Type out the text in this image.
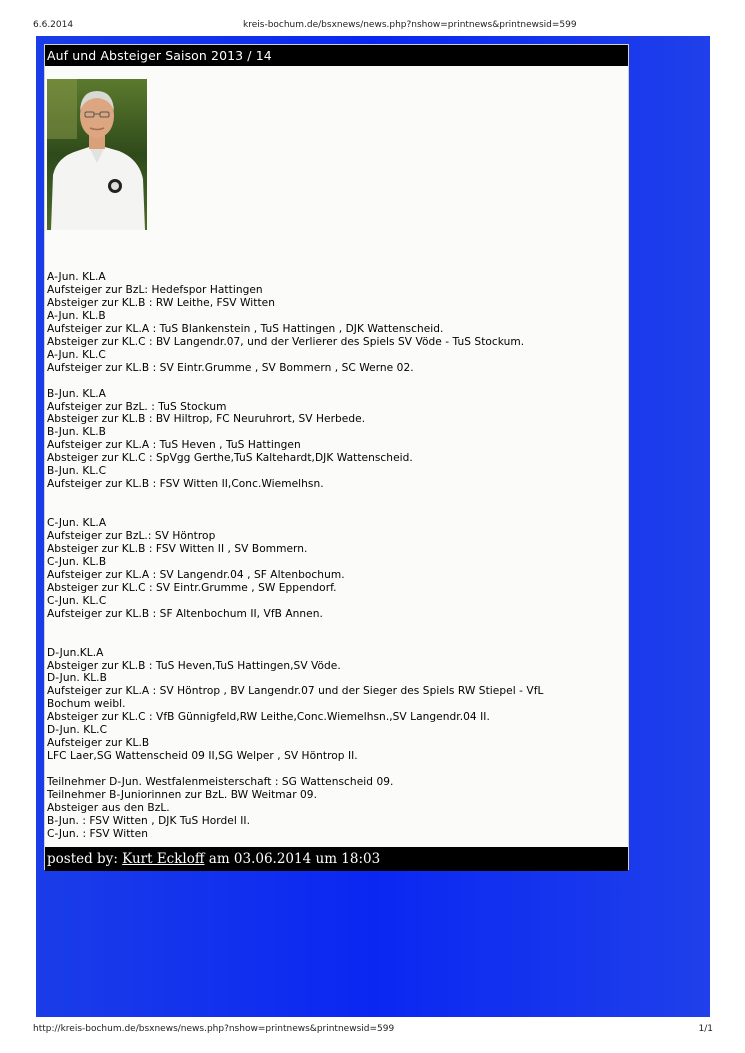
6.6.2014	kreis-bochum.de/bsxnews/news.php?nshow=printnews&printnewsid=599
Auf und Absteiger Saison 2013 / 14
A-Jun. KL.A
Aufsteiger zur BzL: Hedefspor Hattingen
Absteiger zur KL.B : RW Leithe, FSV Witten
A-Jun. KL.B
Aufsteiger zur KL.A : TuS Blankenstein , TuS Hattingen , DJK Wattenscheid.
Absteiger zur KL.C : BV Langendr.07, und der Verlierer des Spiels SV Vöde - TuS Stockum.
A-Jun. KL.C
Aufsteiger zur KL.B : SV Eintr.Grumme , SV Bommern , SC Werne 02.
B-Jun. KL.A
Aufsteiger zur BzL. : TuS Stockum
Absteiger zur KL.B : BV Hiltrop, FC Neuruhrort, SV Herbede.
B-Jun. KL.B
Aufsteiger zur KL.A : TuS Heven , TuS Hattingen
Absteiger zur KL.C : SpVgg Gerthe,TuS Kaltehardt,DJK Wattenscheid.
B-Jun. KL.C
Aufsteiger zur KL.B : FSV Witten II,Conc.Wiemelhsn.
C-Jun. KL.A
Aufsteiger zur BzL.: SV Höntrop
Absteiger zur KL.B : FSV Witten II , SV Bommern.
C-Jun. KL.B
Aufsteiger zur KL.A : SV Langendr.04 , SF Altenbochum.
Absteiger zur KL.C : SV Eintr.Grumme , SW Eppendorf.
C-Jun. KL.C
Aufsteiger zur KL.B : SF Altenbochum II, VfB Annen.
D-Jun.KL.A
Absteiger zur KL.B : TuS Heven,TuS Hattingen,SV Vöde.
D-Jun. KL.B
Aufsteiger zur KL.A : SV Höntrop , BV Langendr.07 und der Sieger des Spiels RW Stiepel - VfL
Bochum weibl.
Absteiger zur KL.C : VfB Günnigfeld,RW Leithe,Conc.Wiemelhsn.,SV Langendr.04 II.
D-Jun. KL.C
Aufsteiger zur KL.B
LFC Laer,SG Wattenscheid 09 II,SG Welper , SV Höntrop II.
Teilnehmer D-Jun. Westfalenmeisterschaft : SG Wattenscheid 09.
Teilnehmer B-Juniorinnen zur BzL. BW Weitmar 09.
Absteiger aus den BzL.
B-Jun. : FSV Witten , DJK TuS Hordel II.
C-Jun. : FSV Witten
posted by: Kurt Eckloff am 03.06.2014 um 18:03
http://kreis-bochum.de/bsxnews/news.php?nshow=printnews&printnewsid=599	1/1
